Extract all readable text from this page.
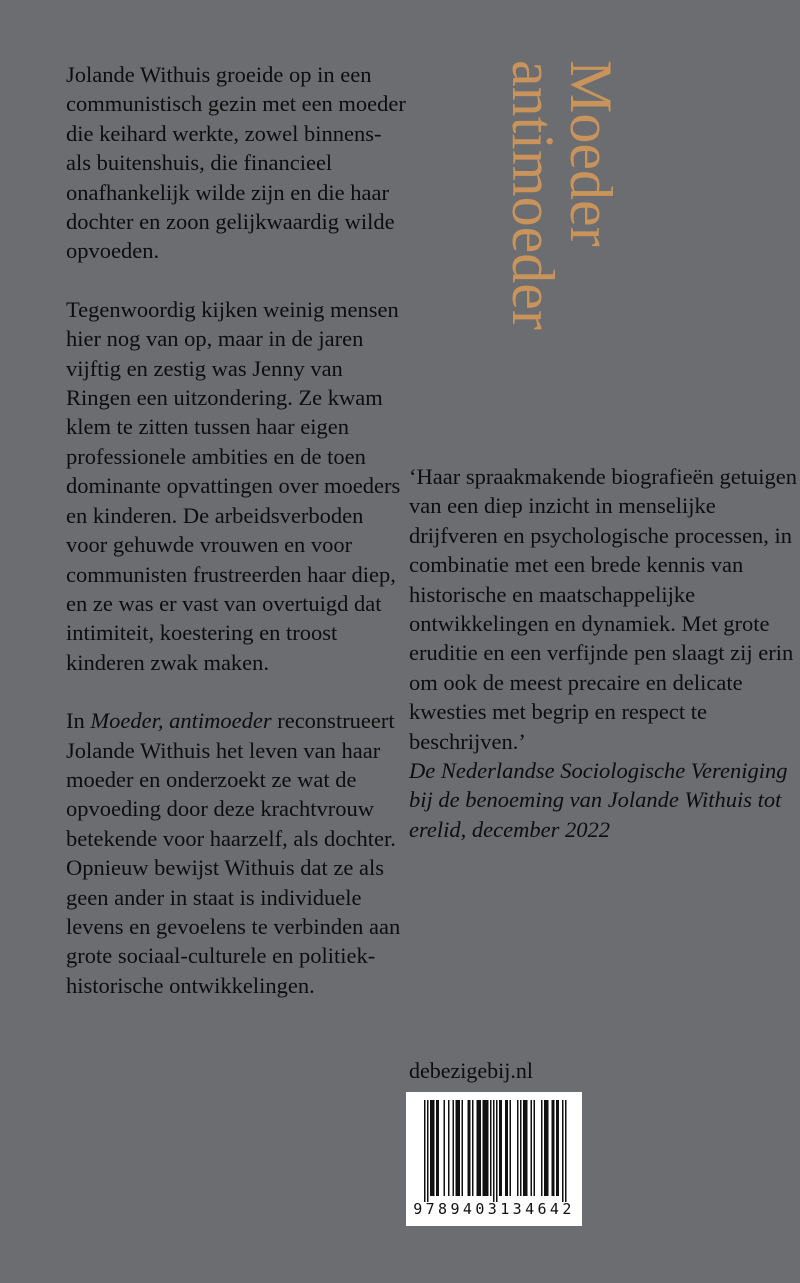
Jolande Withuis groeide op in een communistisch gezin met een moeder die keihard werkte, zowel binnens- als buitenshuis, die financieel onafhankelijk wilde zijn en die haar dochter en zoon gelijkwaardig wilde opvoeden.

Tegenwoordig kijken weinig mensen hier nog van op, maar in de jaren vijftig en zestig was Jenny van Ringen een uitzondering. Ze kwam klem te zitten tussen haar eigen professionele ambities en de toen dominante opvattingen over moeders en kinderen. De arbeidsverboden voor gehuwde vrouwen en voor communisten frustreerden haar diep, en ze was er vast van overtuigd dat intimiteit, koestering en troost kinderen zwak maken.

In Moeder, antimoeder reconstrueert Jolande Withuis het leven van haar moeder en onderzoekt ze wat de opvoeding door deze krachtvrouw betekende voor haarzelf, als dochter. Opnieuw bewijst Withuis dat ze als geen ander in staat is individuele levens en gevoelens te verbinden aan grote sociaal-culturele en politiek-historische ontwikkelingen.

Moeder
antimoeder
‘Haar spraakmakende biografieën getuigen van een diep inzicht in menselijke drijfveren en psychologische processen, in combinatie met een brede kennis van historische en maatschappelijke ontwikkelingen en dynamiek. Met grote eruditie en een verfijnde pen slaagt zij erin om ook de meest precaire en delicate kwesties met begrip en respect te beschrijven.’
De Nederlandse Sociologische Vereniging bij de benoeming van Jolande Withuis tot erelid, december 2022
debezigebij.nl
9789403134642
